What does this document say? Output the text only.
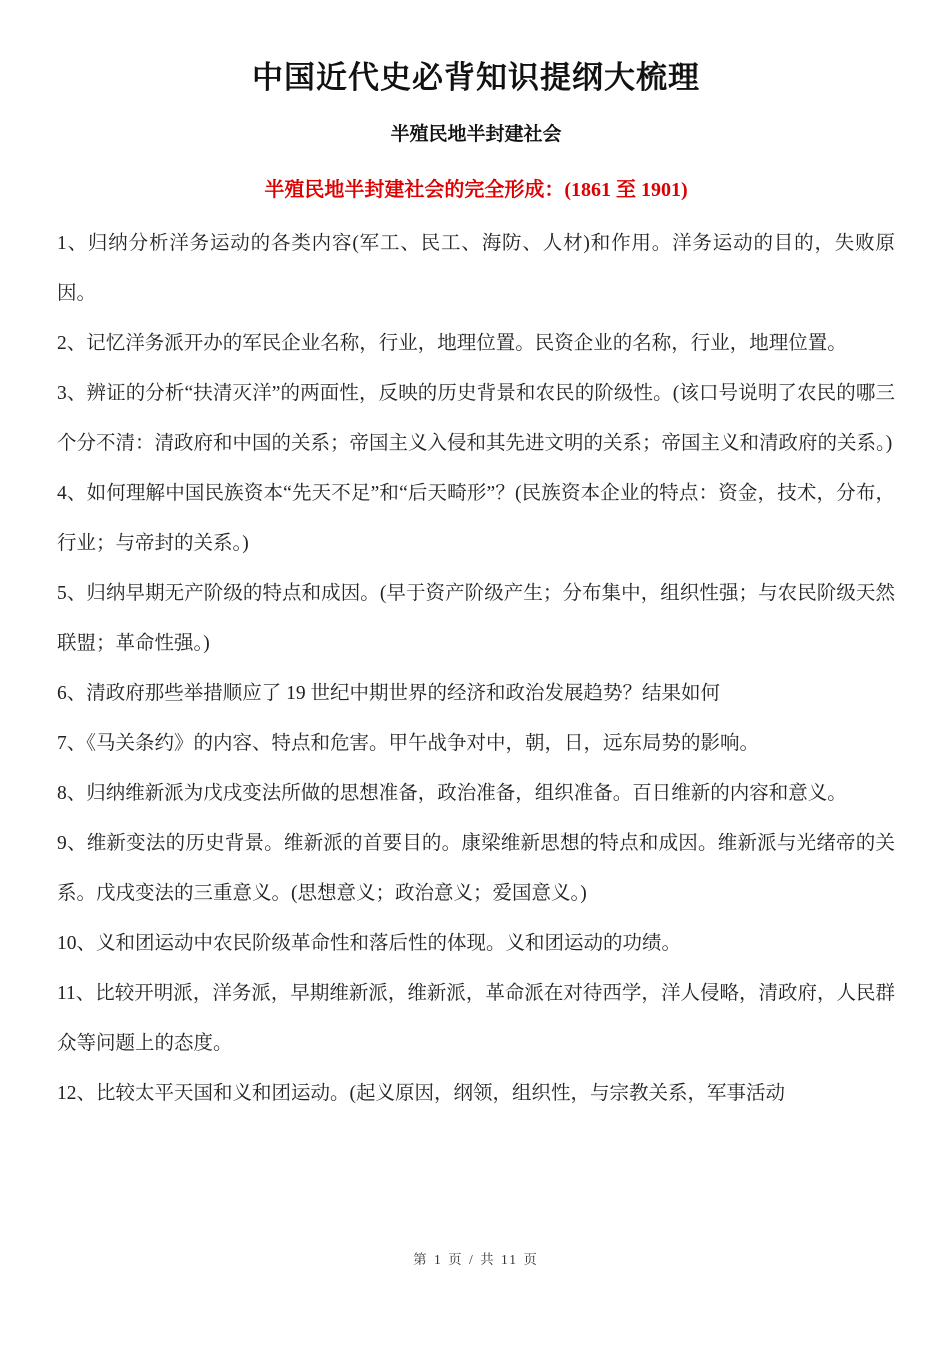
中国近代史必背知识提纲大梳理
半殖民地半封建社会
半殖民地半封建社会的完全形成：(1861 至 1901)

1、归纳分析洋务运动的各类内容(军工、民工、海防、人材)和作用。洋务运动的目的，失败原因。

2、记忆洋务派开办的军民企业名称，行业，地理位置。民资企业的名称，行业，地理位置。

3、辨证的分析“扶清灭洋”的两面性，反映的历史背景和农民的阶级性。(该口号说明了农民的哪三个分不清：清政府和中国的关系；帝国主义入侵和其先进文明的关系；帝国主义和清政府的关系。)

4、如何理解中国民族资本“先天不足”和“后天畸形”？(民族资本企业的特点：资金，技术，分布，行业；与帝封的关系。)

5、归纳早期无产阶级的特点和成因。(早于资产阶级产生；分布集中，组织性强；与农民阶级天然联盟；革命性强。)

6、清政府那些举措顺应了 19 世纪中期世界的经济和政治发展趋势？结果如何

7、《马关条约》的内容、特点和危害。甲午战争对中，朝，日，远东局势的影响。

8、归纳维新派为戊戌变法所做的思想准备，政治准备，组织准备。百日维新的内容和意义。

9、维新变法的历史背景。维新派的首要目的。康梁维新思想的特点和成因。维新派与光绪帝的关系。戊戌变法的三重意义。(思想意义；政治意义；爱国意义。)

10、义和团运动中农民阶级革命性和落后性的体现。义和团运动的功绩。

11、比较开明派，洋务派，早期维新派，维新派，革命派在对待西学，洋人侵略，清政府，人民群众等问题上的态度。

12、比较太平天国和义和团运动。(起义原因，纲领，组织性，与宗教关系，军事活动

第 1 页 / 共 11 页
